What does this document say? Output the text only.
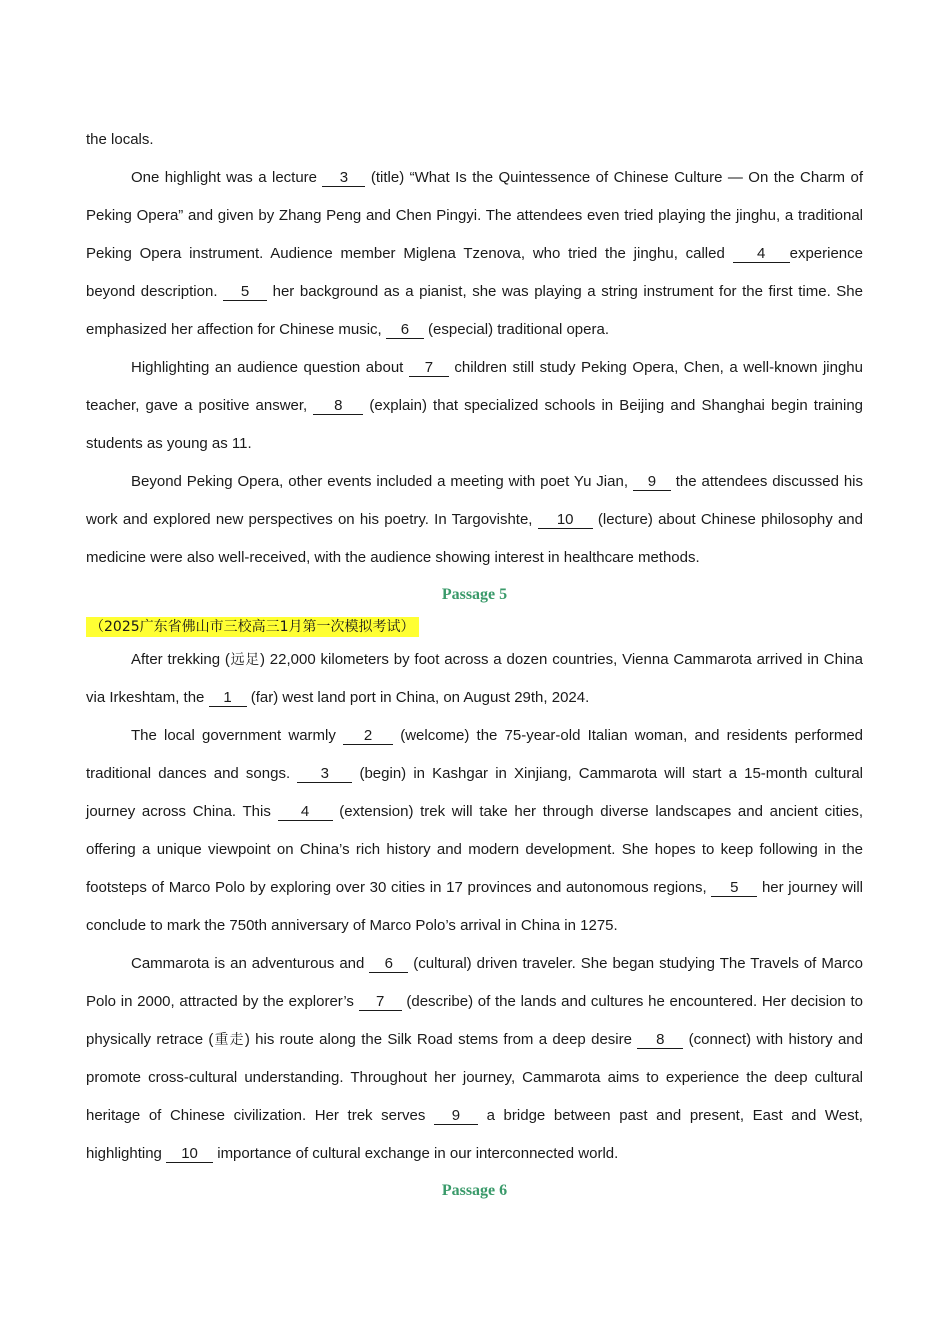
the locals.

One highlight was a lecture 3 (title) “What Is the Quintessence of Chinese Culture — On the Charm of Peking Opera” and given by Zhang Peng and Chen Pingyi. The attendees even tried playing the jinghu, a traditional Peking Opera instrument. Audience member Miglena Tzenova, who tried the jinghu, called 4 experience beyond description. 5 her background as a pianist, she was playing a string instrument for the first time. She emphasized her affection for Chinese music, 6 (especial) traditional opera.

Highlighting an audience question about 7 children still study Peking Opera, Chen, a well-known jinghu teacher, gave a positive answer, 8 (explain) that specialized schools in Beijing and Shanghai begin training students as young as 11.

Beyond Peking Opera, other events included a meeting with poet Yu Jian, 9 the attendees discussed his work and explored new perspectives on his poetry. In Targovishte, 10 (lecture) about Chinese philosophy and medicine were also well-received, with the audience showing interest in healthcare methods.

Passage 5

（2025广东省佛山市三校高三1月第一次模拟考试）

After trekking (远足) 22,000 kilometers by foot across a dozen countries, Vienna Cammarota arrived in China via Irkeshtam, the 1 (far) west land port in China, on August 29th, 2024.

The local government warmly 2 (welcome) the 75-year-old Italian woman, and residents performed traditional dances and songs. 3 (begin) in Kashgar in Xinjiang, Cammarota will start a 15-month cultural journey across China. This 4 (extension) trek will take her through diverse landscapes and ancient cities, offering a unique viewpoint on China’s rich history and modern development. She hopes to keep following in the footsteps of Marco Polo by exploring over 30 cities in 17 provinces and autonomous regions, 5 her journey will conclude to mark the 750th anniversary of Marco Polo’s arrival in China in 1275.

Cammarota is an adventurous and 6 (cultural) driven traveler. She began studying The Travels of Marco Polo in 2000, attracted by the explorer’s 7 (describe) of the lands and cultures he encountered. Her decision to physically retrace (重走) his route along the Silk Road stems from a deep desire 8 (connect) with history and promote cross-cultural understanding. Throughout her journey, Cammarota aims to experience the deep cultural heritage of Chinese civilization. Her trek serves 9 a bridge between past and present, East and West, highlighting 10 importance of cultural exchange in our interconnected world.

Passage 6
